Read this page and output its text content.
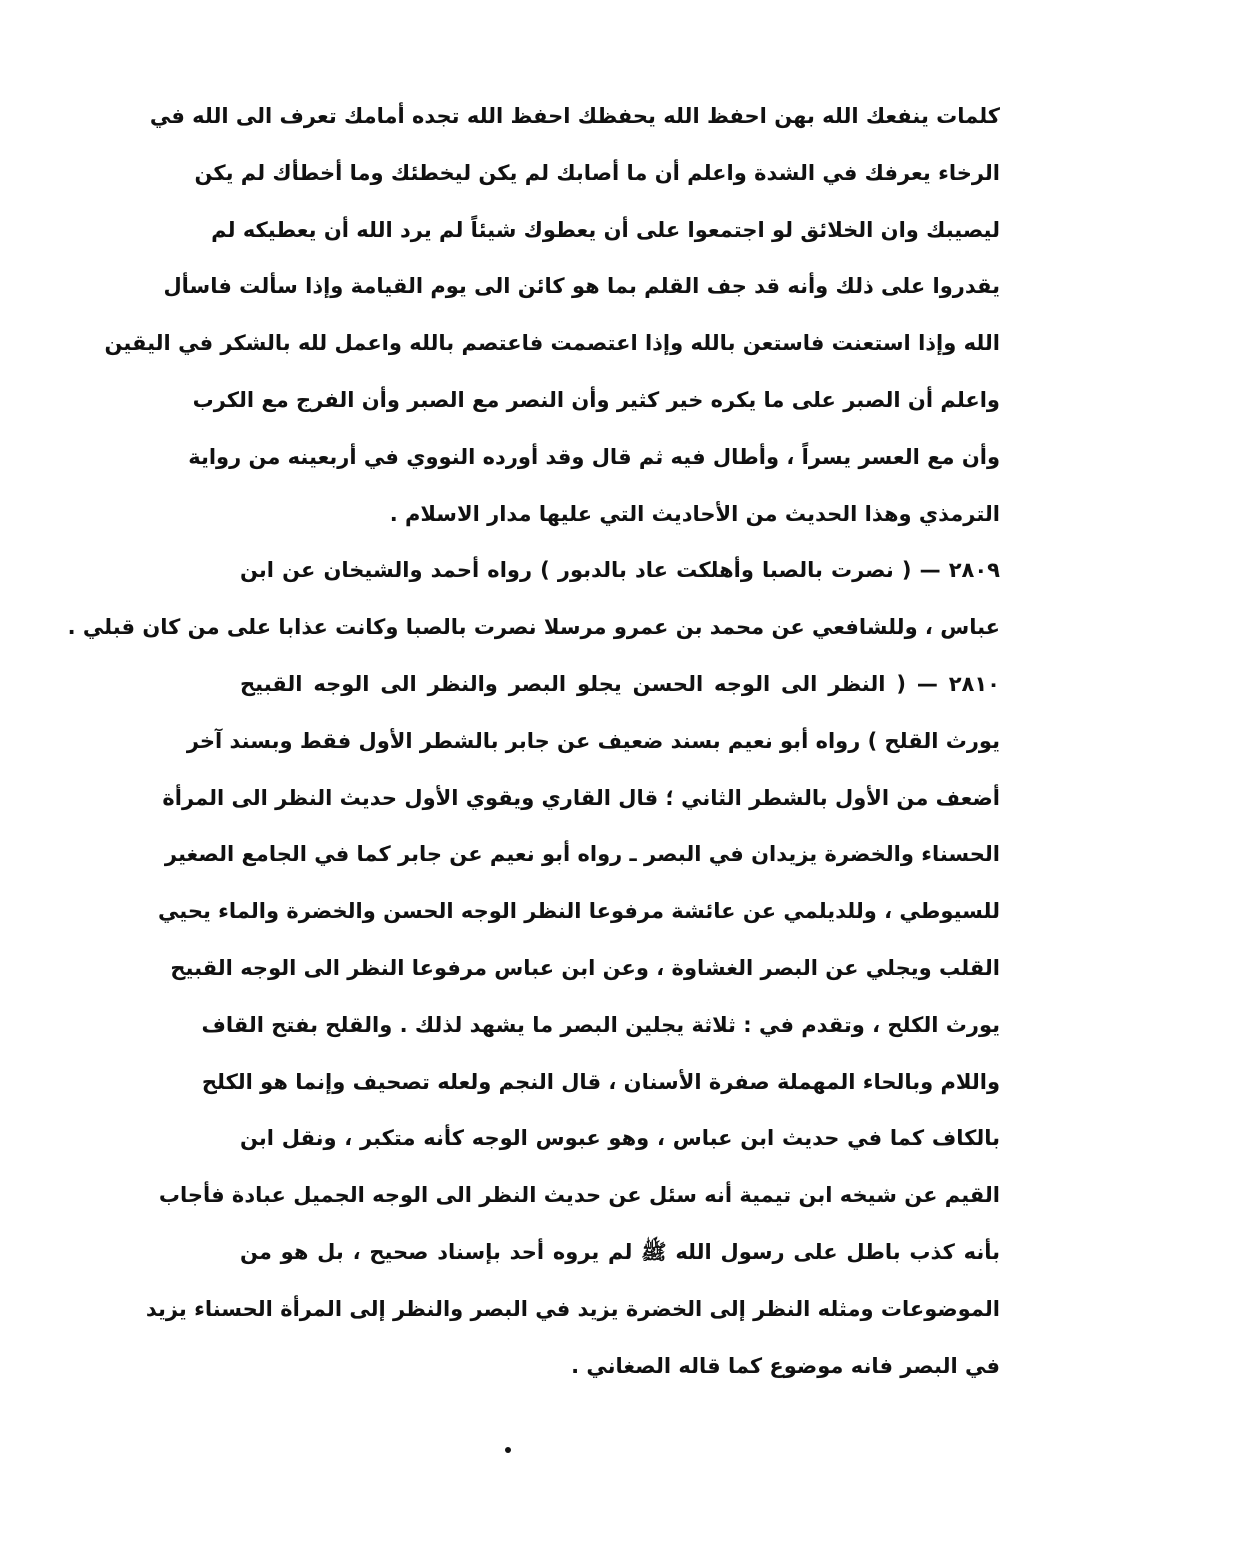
كلمات ينفعك الله بهن احفظ الله يحفظك احفظ الله تجده أمامك تعرف الى الله في
الرخاء يعرفك في الشدة واعلم أن ما أصابك لم يكن ليخطئك وما أخطأك لم يكن
ليصيبك وان الخلائق لو اجتمعوا على أن يعطوك شيئاً لم يرد الله أن يعطيكه لم
يقدروا على ذلك وأنه قد جف القلم بما هو كائن الى يوم القيامة وإذا سألت فاسأل
الله وإذا استعنت فاستعن بالله وإذا اعتصمت فاعتصم بالله واعمل لله بالشكر في اليقين
واعلم أن الصبر على ما يكره خير كثير وأن النصر مع الصبر وأن الفرج مع الكرب
وأن مع العسر يسراً ، وأطال فيه ثم قال وقد أورده النووي في أربعينه من رواية
الترمذي وهذا الحديث من الأحاديث التي عليها مدار الاسلام .
٢٨٠٩ — ( نصرت بالصبا وأهلكت عاد بالدبور ) رواه أحمد والشيخان عن ابن
عباس ، وللشافعي عن محمد بن عمرو مرسلا نصرت بالصبا وكانت عذابا على من كان قبلي .
٢٨١٠ — ( النظر الى الوجه الحسن يجلو البصر والنظر الى الوجه القبيح
يورث القلح ) رواه أبو نعيم بسند ضعيف عن جابر بالشطر الأول فقط وبسند آخر
أضعف من الأول بالشطر الثاني ؛ قال القاري ويقوي الأول حديث النظر الى المرأة
الحسناء والخضرة يزيدان في البصر ـ رواه أبو نعيم عن جابر كما في الجامع الصغير
للسيوطي ، وللديلمي عن عائشة مرفوعا النظر الوجه الحسن والخضرة والماء يحيي
القلب ويجلي عن البصر الغشاوة ، وعن ابن عباس مرفوعا النظر الى الوجه القبيح
يورث الكلح ، وتقدم في : ثلاثة يجلين البصر ما يشهد لذلك . والقلح بفتح القاف
واللام وبالحاء المهملة صفرة الأسنان ، قال النجم ولعله تصحيف وإنما هو الكلح
بالكاف كما في حديث ابن عباس ، وهو عبوس الوجه كأنه متكبر ، ونقل ابن
القيم عن شيخه ابن تيمية أنه سئل عن حديث النظر الى الوجه الجميل عبادة فأجاب
بأنه كذب باطل على رسول الله ﷺ لم يروه أحد بإسناد صحيح ، بل هو من
الموضوعات ومثله النظر إلى الخضرة يزيد في البصر والنظر إلى المرأة الحسناء يزيد
في البصر فانه موضوع كما قاله الصغاني .
